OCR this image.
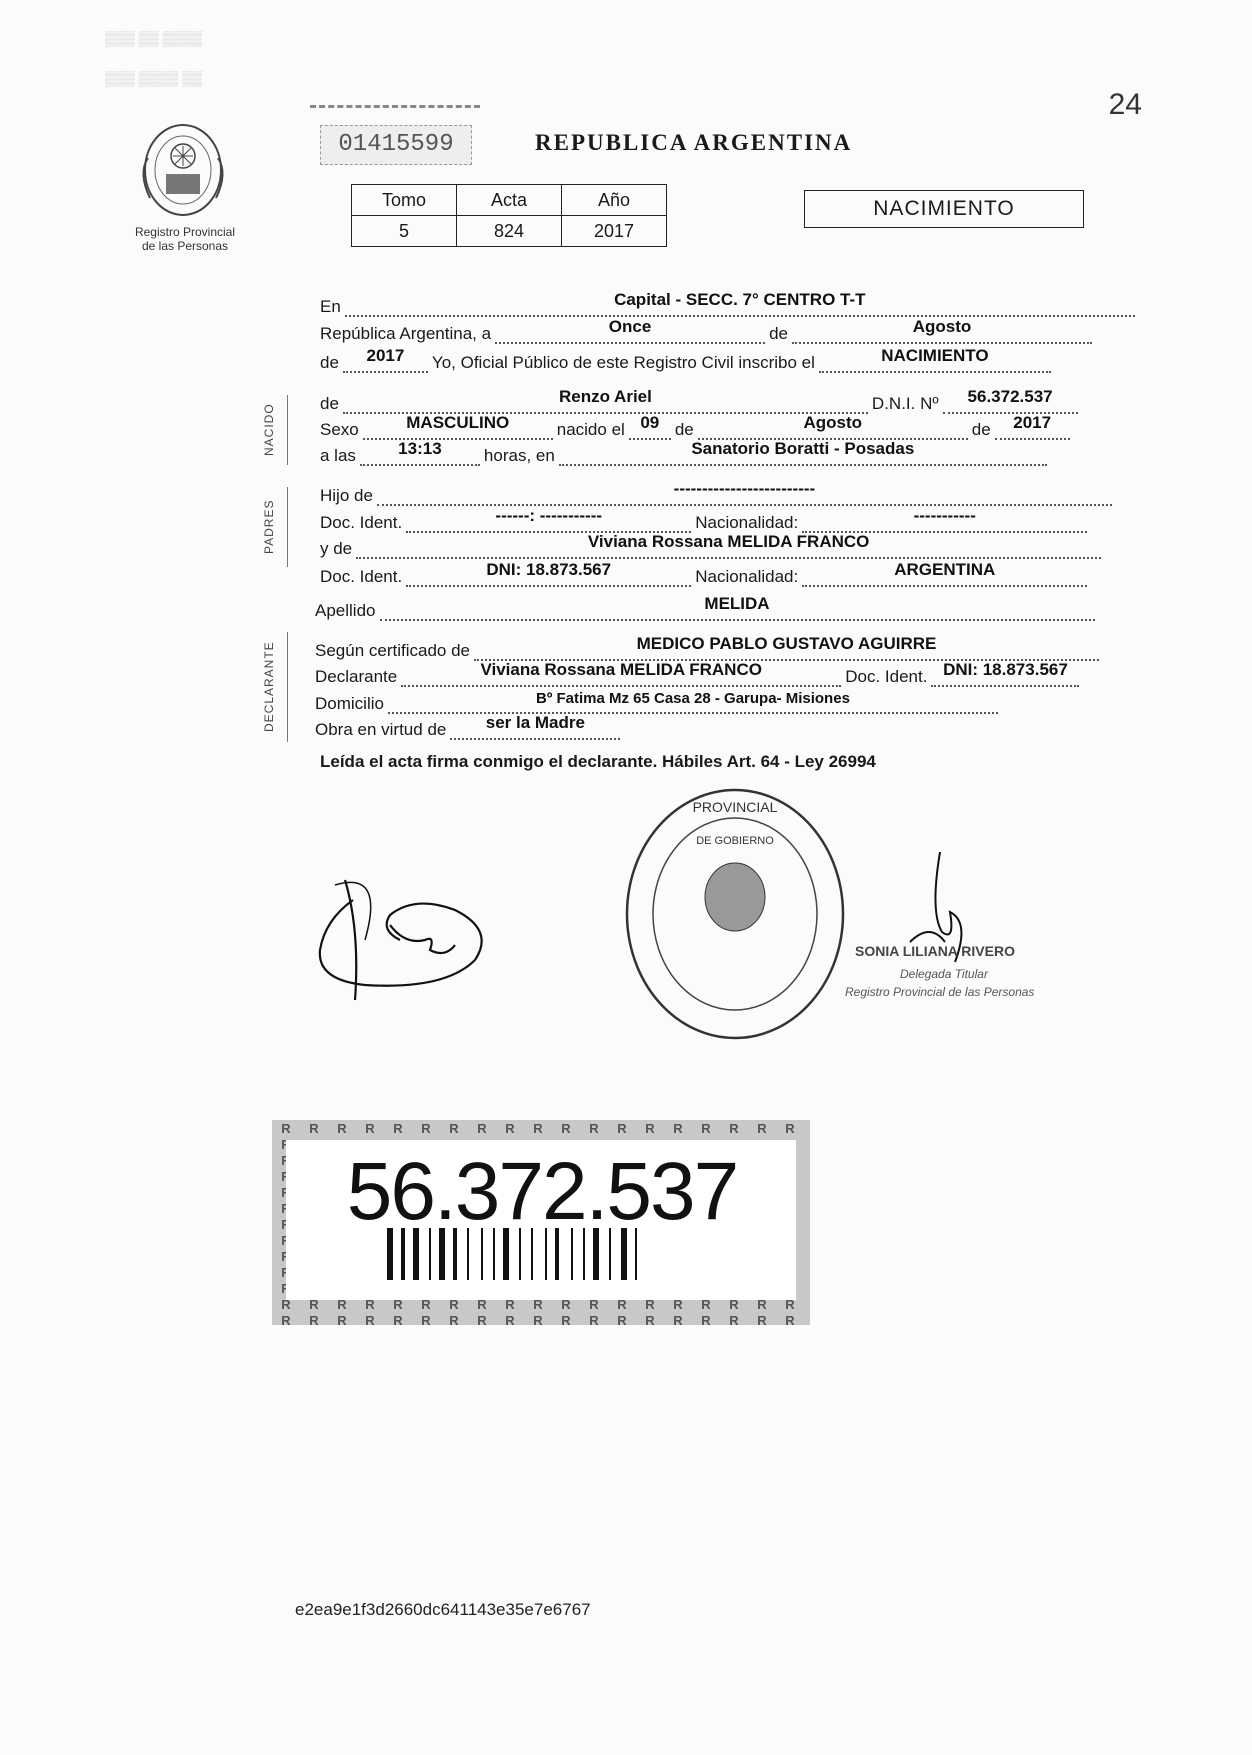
▒▒▒ ▒▒ ▒▒▒▒
▒▒▒ ▒▒▒▒ ▒▒
24
Registro Provincial
de las Personas
01415599	REPUBLICA ARGENTINA
Tomo	Acta	Año
5	824	2017
NACIMIENTO
NACIDO
PADRES
DECLARANTE
En	Capital - SECC. 7° CENTRO T-T
República Argentina, a	Once	de	Agosto
de	2017	Yo, Oficial Público de este Registro Civil inscribo el	NACIMIENTO
de	Renzo Ariel	D.N.I. Nº	56.372.537
Sexo	MASCULINO	nacido el 09 de	Agosto	de	2017
a las	13:13	horas, en	Sanatorio Boratti - Posadas
Hijo de	-------------------------
Doc. Ident.	------: -----------	Nacionalidad:	-----------
y de	Viviana Rossana MELIDA FRANCO
Doc. Ident.	DNI: 18.873.567	Nacionalidad:	ARGENTINA
Apellido	MELIDA
Según certificado de	MEDICO PABLO GUSTAVO AGUIRRE
Declarante	Viviana Rossana MELIDA FRANCO	Doc. Ident. DNI: 18.873.567
Domicilio	Bº Fatima Mz 65 Casa 28 - Garupa- Misiones
Obra en virtud de	ser la Madre
Leída el acta firma conmigo el declarante. Hábiles Art. 64 - Ley 26994
PROVINCIAL
DE GOBIERNO
SONIA LILIANA RIVERO
Delegada Titular
Registro Provincial de las Personas
56.372.537
e2ea9e1f3d2660dc641143e35e7e6767
